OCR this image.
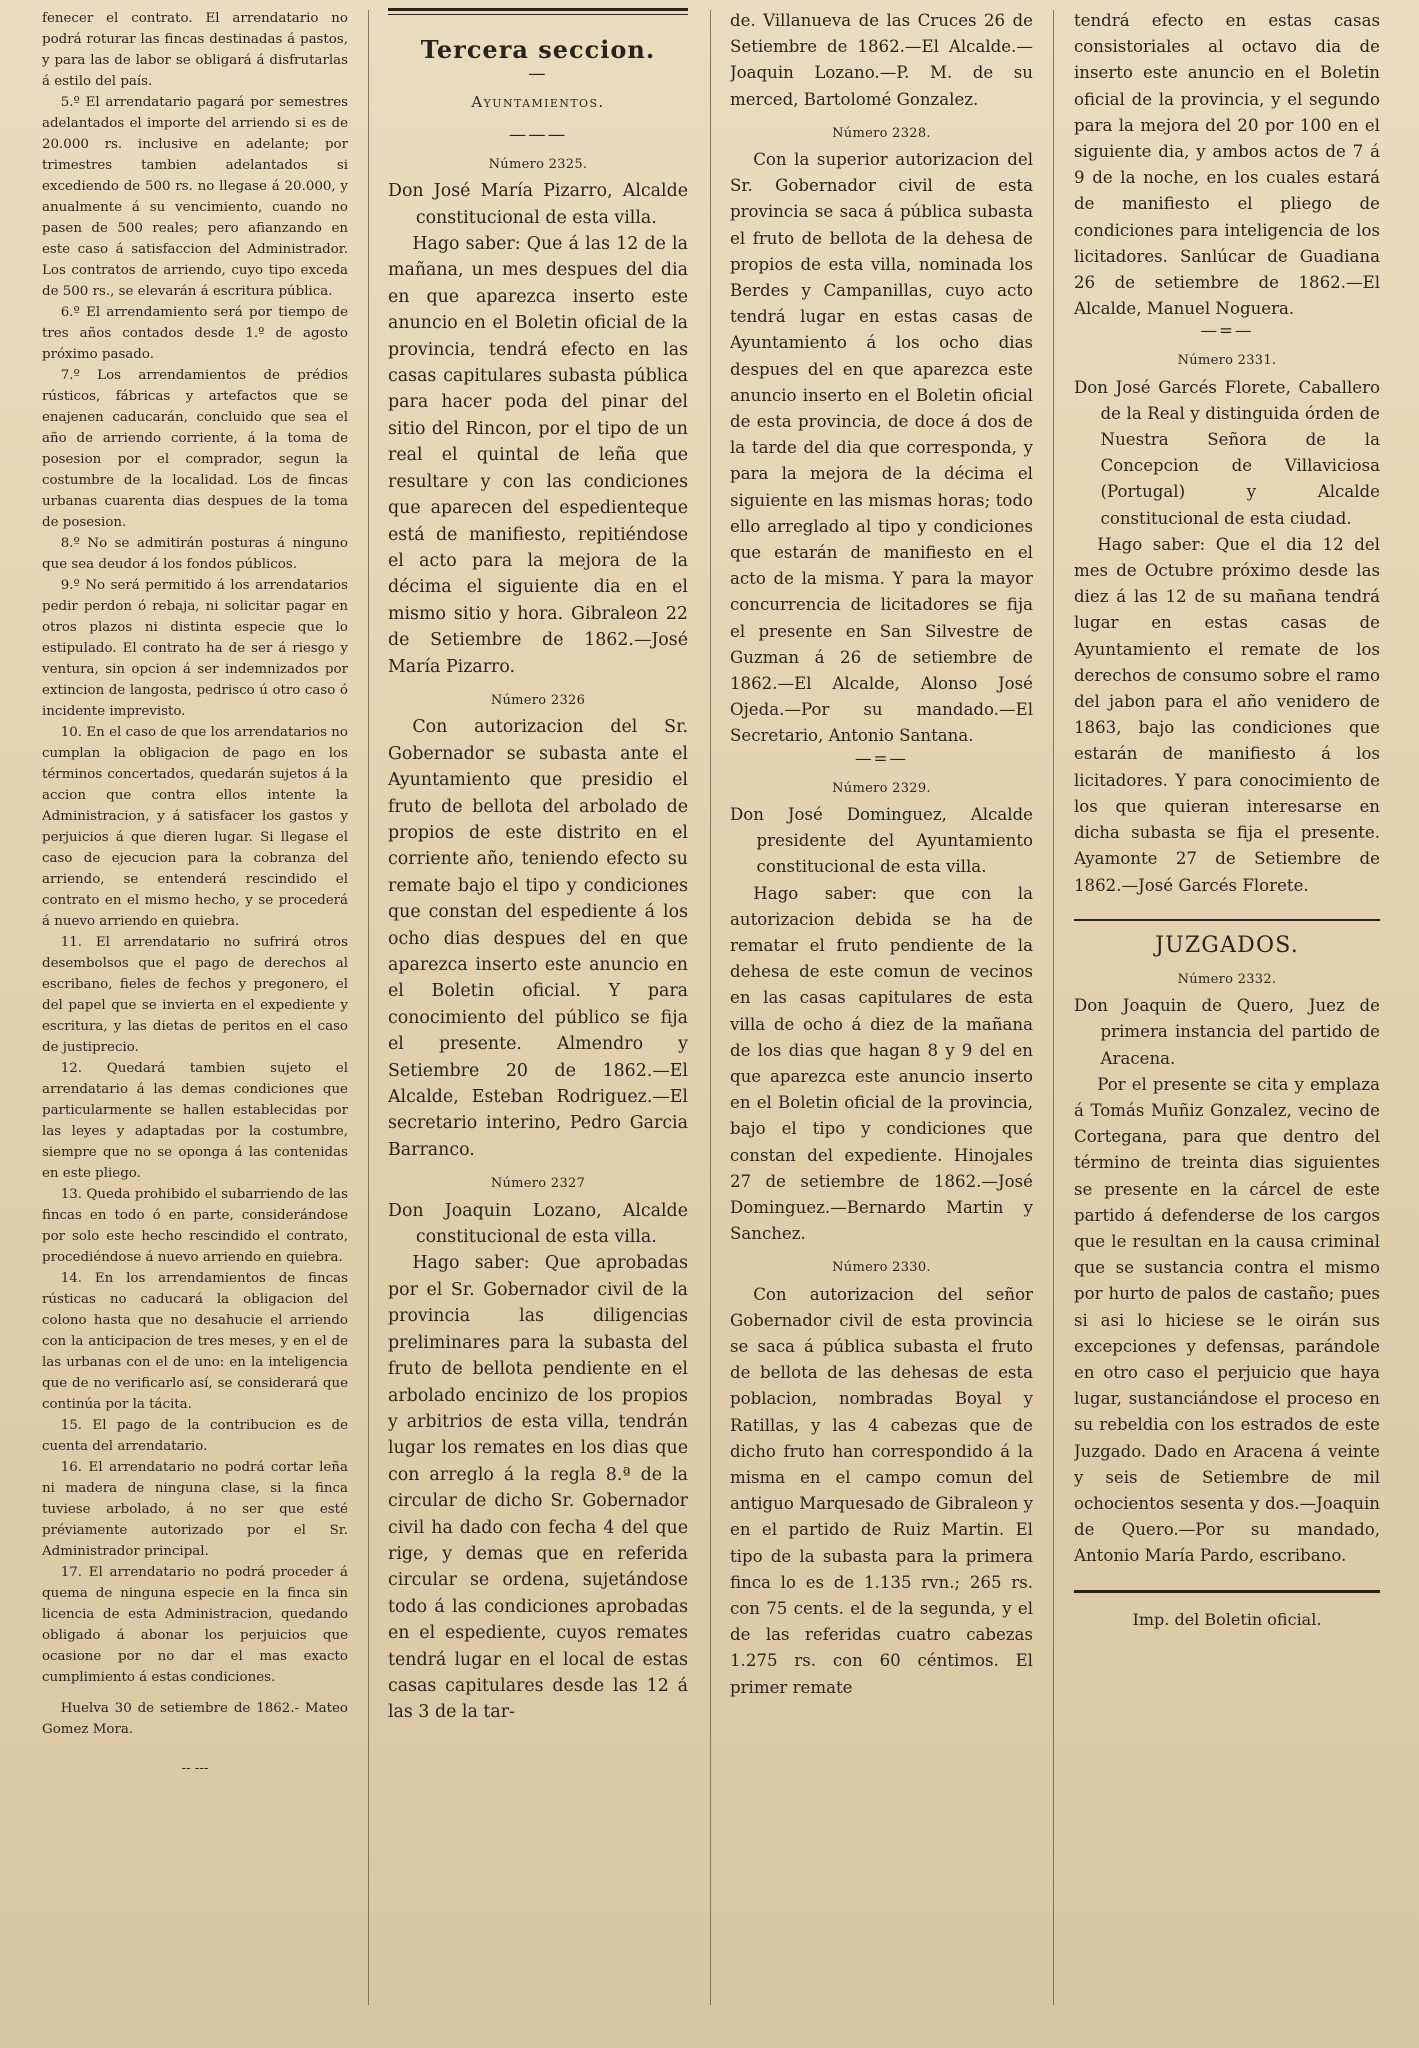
fenecer el contrato. El arrendatario no podrá roturar las fincas destinadas á pastos, y para las de labor se obligará á disfrutarlas á estilo del país.

5.º El arrendatario pagará por semestres adelantados el importe del arriendo si es de 20.000 rs. inclusive en adelante; por trimestres tambien adelantados si excediendo de 500 rs. no llegase á 20.000, y anualmente á su vencimiento, cuando no pasen de 500 reales; pero afianzando en este caso á satisfaccion del Administrador. Los contratos de arriendo, cuyo tipo exceda de 500 rs., se elevarán á escritura pública.

6.º El arrendamiento será por tiempo de tres años contados desde 1.º de agosto próximo pasado.

7.º Los arrendamientos de prédios rústicos, fábricas y artefactos que se enajenen caducarán, concluido que sea el año de arriendo corriente, á la toma de posesion por el comprador, segun la costumbre de la localidad. Los de fincas urbanas cuarenta dias despues de la toma de posesion.

8.º No se admitirán posturas á ninguno que sea deudor á los fondos públicos.

9.º No será permitido á los arrendatarios pedir perdon ó rebaja, ni solicitar pagar en otros plazos ni distinta especie que lo estipulado. El contrato ha de ser á riesgo y ventura, sin opcion á ser indemnizados por extincion de langosta, pedrisco ú otro caso ó incidente imprevisto.

10. En el caso de que los arrendatarios no cumplan la obligacion de pago en los términos concertados, quedarán sujetos á la accion que contra ellos intente la Administracion, y á satisfacer los gastos y perjuicios á que dieren lugar. Si llegase el caso de ejecucion para la cobranza del arriendo, se entenderá rescindido el contrato en el mismo hecho, y se procederá á nuevo arriendo en quiebra.

11. El arrendatario no sufrirá otros desembolsos que el pago de derechos al escribano, fieles de fechos y pregonero, el del papel que se invierta en el expediente y escritura, y las dietas de peritos en el caso de justiprecio.

12. Quedará tambien sujeto el arrendatario á las demas condiciones que particularmente se hallen establecidas por las leyes y adaptadas por la costumbre, siempre que no se oponga á las contenidas en este pliego.

13. Queda prohibido el subarriendo de las fincas en todo ó en parte, considerándose por solo este hecho rescindido el contrato, procediéndose á nuevo arriendo en quiebra.

14. En los arrendamientos de fincas rústicas no caducará la obligacion del colono hasta que no desahucie el arriendo con la anticipacion de tres meses, y en el de las urbanas con el de uno: en la inteligencia que de no verificarlo así, se considerará que continúa por la tácita.

15. El pago de la contribucion es de cuenta del arrendatario.

16. El arrendatario no podrá cortar leña ni madera de ninguna clase, si la finca tuviese arbolado, á no ser que esté préviamente autorizado por el Sr. Administrador principal.

17. El arrendatario no podrá proceder á quema de ninguna especie en la finca sin licencia de esta Administracion, quedando obligado á abonar los perjuicios que ocasione por no dar el mas exacto cumplimiento á estas condiciones.

Huelva 30 de setiembre de 1862.- Mateo Gomez Mora.

-- ---

Tercera seccion.
—
Ayuntamientos.
———
Número 2325.

Don José María Pizarro, Alcalde constitucional de esta villa.

Hago saber: Que á las 12 de la mañana, un mes despues del dia en que aparezca inserto este anuncio en el Boletin oficial de la provincia, tendrá efecto en las casas capitulares subasta pública para hacer poda del pinar del sitio del Rincon, por el tipo de un real el quintal de leña que resultare y con las condiciones que aparecen del espedienteque está de manifiesto, repitiéndose el acto para la mejora de la décima el siguiente dia en el mismo sitio y hora. Gibraleon 22 de Setiembre de 1862.—José María Pizarro.

Número 2326

Con autorizacion del Sr. Gobernador se subasta ante el Ayuntamiento que presidio el fruto de bellota del arbolado de propios de este distrito en el corriente año, teniendo efecto su remate bajo el tipo y condiciones que constan del espediente á los ocho dias despues del en que aparezca inserto este anuncio en el Boletin oficial. Y para conocimiento del público se fija el presente. Almendro y Setiembre 20 de 1862.—El Alcalde, Esteban Rodriguez.—El secretario interino, Pedro Garcia Barranco.

Número 2327

Don Joaquin Lozano, Alcalde constitucional de esta villa.

Hago saber: Que aprobadas por el Sr. Gobernador civil de la provincia las diligencias preliminares para la subasta del fruto de bellota pendiente en el arbolado encinizo de los propios y arbitrios de esta villa, tendrán lugar los remates en los dias que con arreglo á la regla 8.ª de la circular de dicho Sr. Gobernador civil ha dado con fecha 4 del que rige, y demas que en referida circular se ordena, sujetándose todo á las condiciones aprobadas en el espediente, cuyos remates tendrá lugar en el local de estas casas capitulares desde las 12 á las 3 de la tar-

de. Villanueva de las Cruces 26 de Setiembre de 1862.—El Alcalde.—Joaquin Lozano.—P. M. de su merced, Bartolomé Gonzalez.

Número 2328.

Con la superior autorizacion del Sr. Gobernador civil de esta provincia se saca á pública subasta el fruto de bellota de la dehesa de propios de esta villa, nominada los Berdes y Campanillas, cuyo acto tendrá lugar en estas casas de Ayuntamiento á los ocho dias despues del en que aparezca este anuncio inserto en el Boletin oficial de esta provincia, de doce á dos de la tarde del dia que corresponda, y para la mejora de la décima el siguiente en las mismas horas; todo ello arreglado al tipo y condiciones que estarán de manifiesto en el acto de la misma. Y para la mayor concurrencia de licitadores se fija el presente en San Silvestre de Guzman á 26 de setiembre de 1862.—El Alcalde, Alonso José Ojeda.—Por su mandado.—El Secretario, Antonio Santana.

—=—
Número 2329.

Don José Dominguez, Alcalde presidente del Ayuntamiento constitucional de esta villa.

Hago saber: que con la autorizacion debida se ha de rematar el fruto pendiente de la dehesa de este comun de vecinos en las casas capitulares de esta villa de ocho á diez de la mañana de los dias que hagan 8 y 9 del en que aparezca este anuncio inserto en el Boletin oficial de la provincia, bajo el tipo y condiciones que constan del expediente. Hinojales 27 de setiembre de 1862.—José Dominguez.—Bernardo Martin y Sanchez.

Número 2330.

Con autorizacion del señor Gobernador civil de esta provincia se saca á pública subasta el fruto de bellota de las dehesas de esta poblacion, nombradas Boyal y Ratillas, y las 4 cabezas que de dicho fruto han correspondido á la misma en el campo comun del antiguo Marquesado de Gibraleon y en el partido de Ruiz Martin. El tipo de la subasta para la primera finca lo es de 1.135 rvn.; 265 rs. con 75 cents. el de la segunda, y el de las referidas cuatro cabezas 1.275 rs. con 60 céntimos. El primer remate

tendrá efecto en estas casas consistoriales al octavo dia de inserto este anuncio en el Boletin oficial de la provincia, y el segundo para la mejora del 20 por 100 en el siguiente dia, y ambos actos de 7 á 9 de la noche, en los cuales estará de manifiesto el pliego de condiciones para inteligencia de los licitadores. Sanlúcar de Guadiana 26 de setiembre de 1862.—El Alcalde, Manuel Noguera.

—=—
Número 2331.

Don José Garcés Florete, Caballero de la Real y distinguida órden de Nuestra Señora de la Concepcion de Villaviciosa (Portugal) y Alcalde constitucional de esta ciudad.

Hago saber: Que el dia 12 del mes de Octubre próximo desde las diez á las 12 de su mañana tendrá lugar en estas casas de Ayuntamiento el remate de los derechos de consumo sobre el ramo del jabon para el año venidero de 1863, bajo las condiciones que estarán de manifiesto á los licitadores. Y para conocimiento de los que quieran interesarse en dicha subasta se fija el presente. Ayamonte 27 de Setiembre de 1862.—José Garcés Florete.

JUZGADOS.
Número 2332.

Don Joaquin de Quero, Juez de primera instancia del partido de Aracena.

Por el presente se cita y emplaza á Tomás Muñiz Gonzalez, vecino de Cortegana, para que dentro del término de treinta dias siguientes se presente en la cárcel de este partido á defenderse de los cargos que le resultan en la causa criminal que se sustancia contra el mismo por hurto de palos de castaño; pues si asi lo hiciese se le oirán sus excepciones y defensas, parándole en otro caso el perjuicio que haya lugar, sustanciándose el proceso en su rebeldia con los estrados de este Juzgado. Dado en Aracena á veinte y seis de Setiembre de mil ochocientos sesenta y dos.—Joaquin de Quero.—Por su mandado, Antonio María Pardo, escribano.

Imp. del Boletin oficial.
